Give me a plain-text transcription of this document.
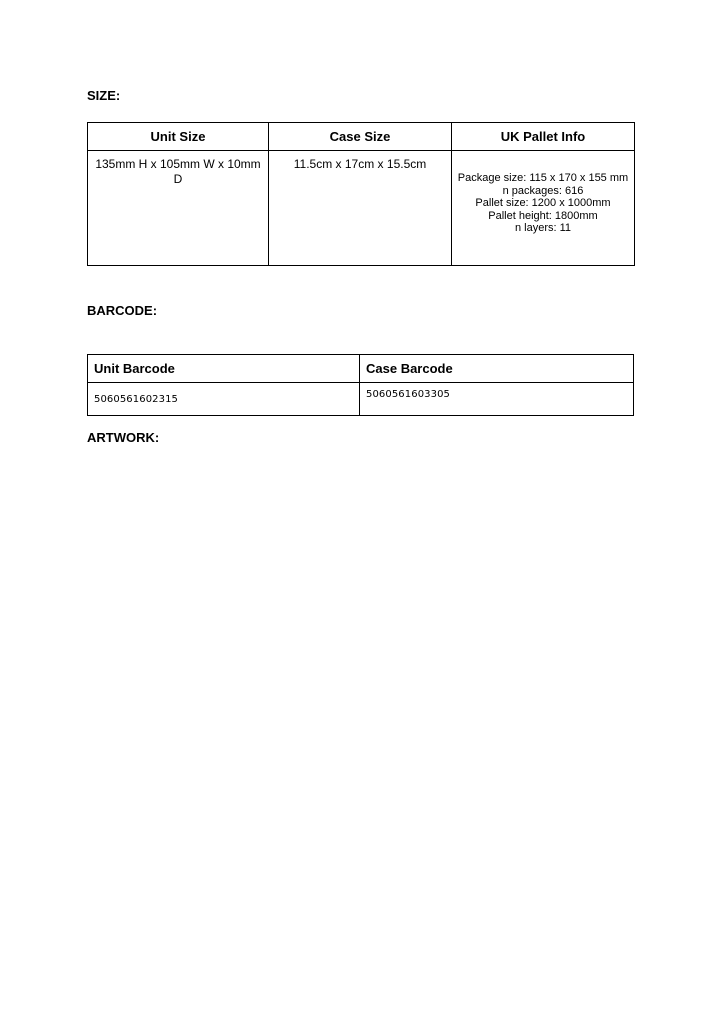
SIZE:
Unit Size	Case Size	UK Pallet Info

135mm H x 105mm W x 10mm D	11.5cm x 17cm x 15.5cm	Package size: 115 x 170 x 155 mm
n packages: 616
Pallet size: 1200 x 1000mm
Pallet height: 1800mm
n layers: 11
BARCODE:
Unit Barcode	Case Barcode
5060561602315	5060561603305
ARTWORK:
